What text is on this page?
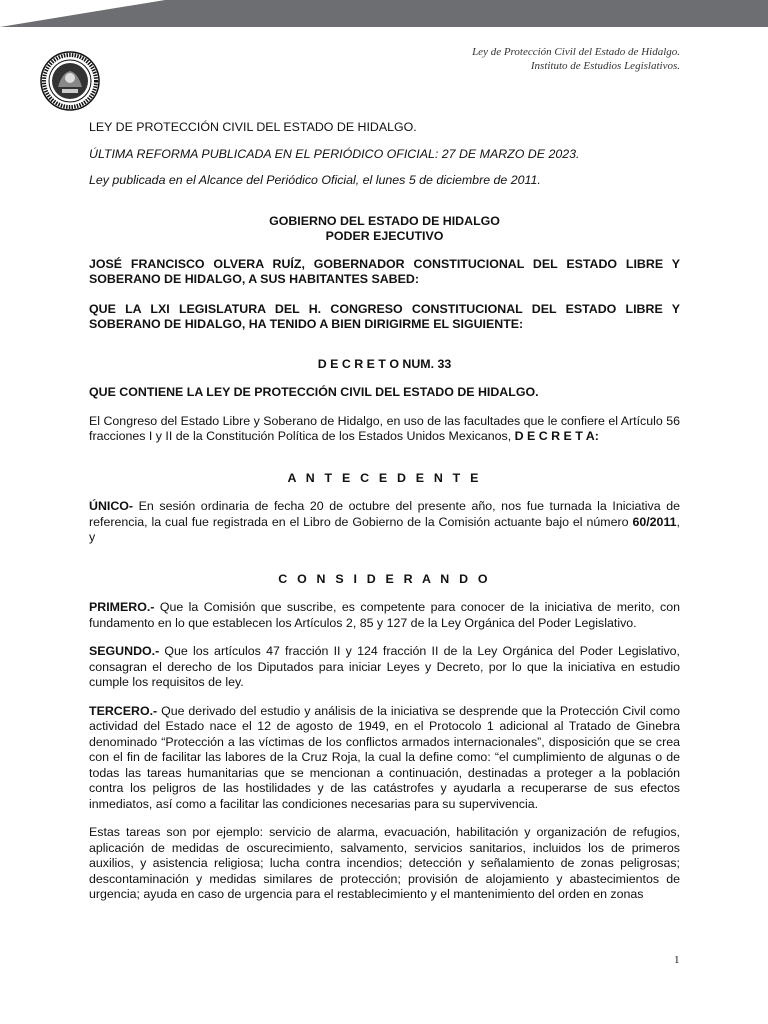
Ley de Protección Civil del Estado de Hidalgo.
Instituto de Estudios Legislativos.

LEY DE PROTECCIÓN CIVIL DEL ESTADO DE HIDALGO.

ÚLTIMA REFORMA PUBLICADA EN EL PERIÓDICO OFICIAL: 27 DE MARZO DE 2023.

Ley publicada en el Alcance del Periódico Oficial, el lunes 5 de diciembre de 2011.

GOBIERNO DEL ESTADO DE HIDALGO

PODER EJECUTIVO

JOSÉ FRANCISCO OLVERA RUÍZ, GOBERNADOR CONSTITUCIONAL DEL ESTADO LIBRE Y SOBERANO DE HIDALGO, A SUS HABITANTES SABED:

QUE LA LXI LEGISLATURA DEL H. CONGRESO CONSTITUCIONAL DEL ESTADO LIBRE Y SOBERANO DE HIDALGO, HA TENIDO A BIEN DIRIGIRME EL SIGUIENTE:

D E C R E T O NUM. 33

QUE CONTIENE LA LEY DE PROTECCIÓN CIVIL DEL ESTADO DE HIDALGO.

El Congreso del Estado Libre y Soberano de Hidalgo, en uso de las facultades que le confiere el Artículo 56 fracciones I y II de la Constitución Política de los Estados Unidos Mexicanos, D E C R E T A:

A N T E C E D E N T E

ÚNICO- En sesión ordinaria de fecha 20 de octubre del presente año, nos fue turnada la Iniciativa de referencia, la cual fue registrada en el Libro de Gobierno de la Comisión actuante bajo el número 60/2011, y

C O N S I D E R A N D O

PRIMERO.- Que la Comisión que suscribe, es competente para conocer de la iniciativa de merito, con fundamento en lo que establecen los Artículos 2, 85 y 127 de la Ley Orgánica del Poder Legislativo.

SEGUNDO.- Que los artículos 47 fracción II y 124 fracción II de la Ley Orgánica del Poder Legislativo, consagran el derecho de los Diputados para iniciar Leyes y Decreto, por lo que la iniciativa en estudio cumple los requisitos de ley.

TERCERO.- Que derivado del estudio y análisis de la iniciativa se desprende que la Protección Civil como actividad del Estado nace el 12 de agosto de 1949, en el Protocolo 1 adicional al Tratado de Ginebra denominado “Protección a las víctimas de los conflictos armados internacionales”, disposición que se crea con el fin de facilitar las labores de la Cruz Roja, la cual la define como: “el cumplimiento de algunas o de todas las tareas humanitarias que se mencionan a continuación, destinadas a proteger a la población contra los peligros de las hostilidades y de las catástrofes y ayudarla a recuperarse de sus efectos inmediatos, así como a facilitar las condiciones necesarias para su supervivencia.

Estas tareas son por ejemplo: servicio de alarma, evacuación, habilitación y organización de refugios, aplicación de medidas de oscurecimiento, salvamento, servicios sanitarios, incluidos los de primeros auxilios, y asistencia religiosa; lucha contra incendios; detección y señalamiento de zonas peligrosas; descontaminación y medidas similares de protección; provisión de alojamiento y abastecimientos de urgencia; ayuda en caso de urgencia para el restablecimiento y el mantenimiento del orden en zonas

1
